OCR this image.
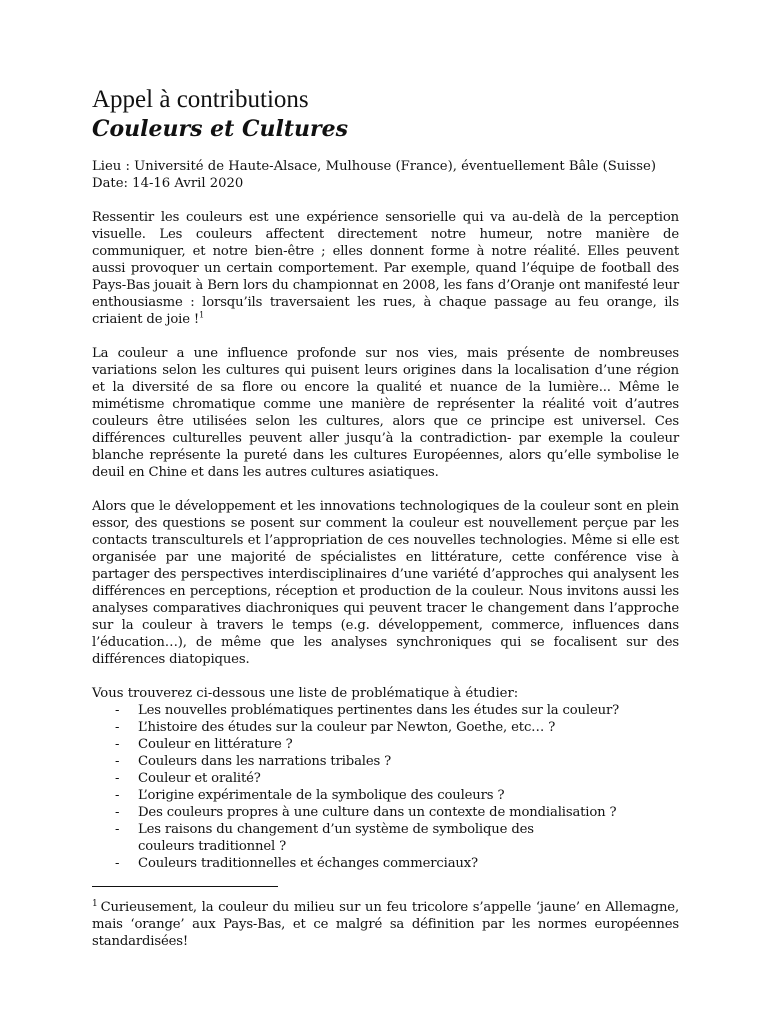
Appel à contributions
Couleurs et Cultures
Lieu : Université de Haute-Alsace, Mulhouse (France), éventuellement Bâle (Suisse)
Date: 14-16 Avril 2020

Ressentir les couleurs est une expérience sensorielle qui va au-delà de la perception visuelle. Les couleurs affectent directement notre humeur, notre manière de communiquer, et notre bien-être ; elles donnent forme à notre réalité. Elles peuvent aussi provoquer un certain comportement. Par exemple, quand l’équipe de football des Pays-Bas jouait à Bern lors du championnat en 2008, les fans d’Oranje ont manifesté leur enthousiasme : lorsqu’ils traversaient les rues, à chaque passage au feu orange, ils criaient de joie !$^1$

La couleur a une influence profonde sur nos vies, mais présente de nombreuses variations selon les cultures qui puisent leurs origines dans la localisation d’une région et la diversité de sa flore ou encore la qualité et nuance de la lumière... Même le mimétisme chromatique comme une manière de représenter la réalité voit d’autres couleurs être utilisées selon les cultures, alors que ce principe est universel. Ces différences culturelles peuvent aller jusqu’à la contradiction- par exemple la couleur blanche représente la pureté dans les cultures Européennes, alors qu’elle symbolise le deuil en Chine et dans les autres cultures asiatiques.

Alors que le développement et les innovations technologiques de la couleur sont en plein essor, des questions se posent sur comment la couleur est nouvellement perçue par les contacts transculturels et l’appropriation de ces nouvelles technologies. Même si elle est organisée par une majorité de spécialistes en littérature, cette conférence vise à partager des perspectives interdisciplinaires d’une variété d’approches qui analysent les différences en perceptions, réception et production de la couleur. Nous invitons aussi les analyses comparatives diachroniques qui peuvent tracer le changement dans l’approche sur la couleur à travers le temps (e.g. développement, commerce, influences dans l’éducation…), de même que les analyses synchroniques qui se focalisent sur des différences diatopiques.

Vous trouverez ci-dessous une liste de problématique à étudier:
- Les nouvelles problématiques pertinentes dans les études sur la couleur?
- L’histoire des études sur la couleur par Newton, Goethe, etc… ?
- Couleur en littérature ?
- Couleurs dans les narrations tribales ?
- Couleur et oralité?
- L’origine expérimentale de la symbolique des couleurs ?
- Des couleurs propres à une culture dans un contexte de mondialisation ?
- Les raisons du changement d’un système de symbolique des couleurs traditionnel ?
- Couleurs traditionnelles et échanges commerciaux?
$^1$ Curieusement, la couleur du milieu sur un feu tricolore s’appelle ‘jaune’ en Allemagne, mais ‘orange’ aux Pays-Bas, et ce malgré sa définition par les normes européennes standardisées!
